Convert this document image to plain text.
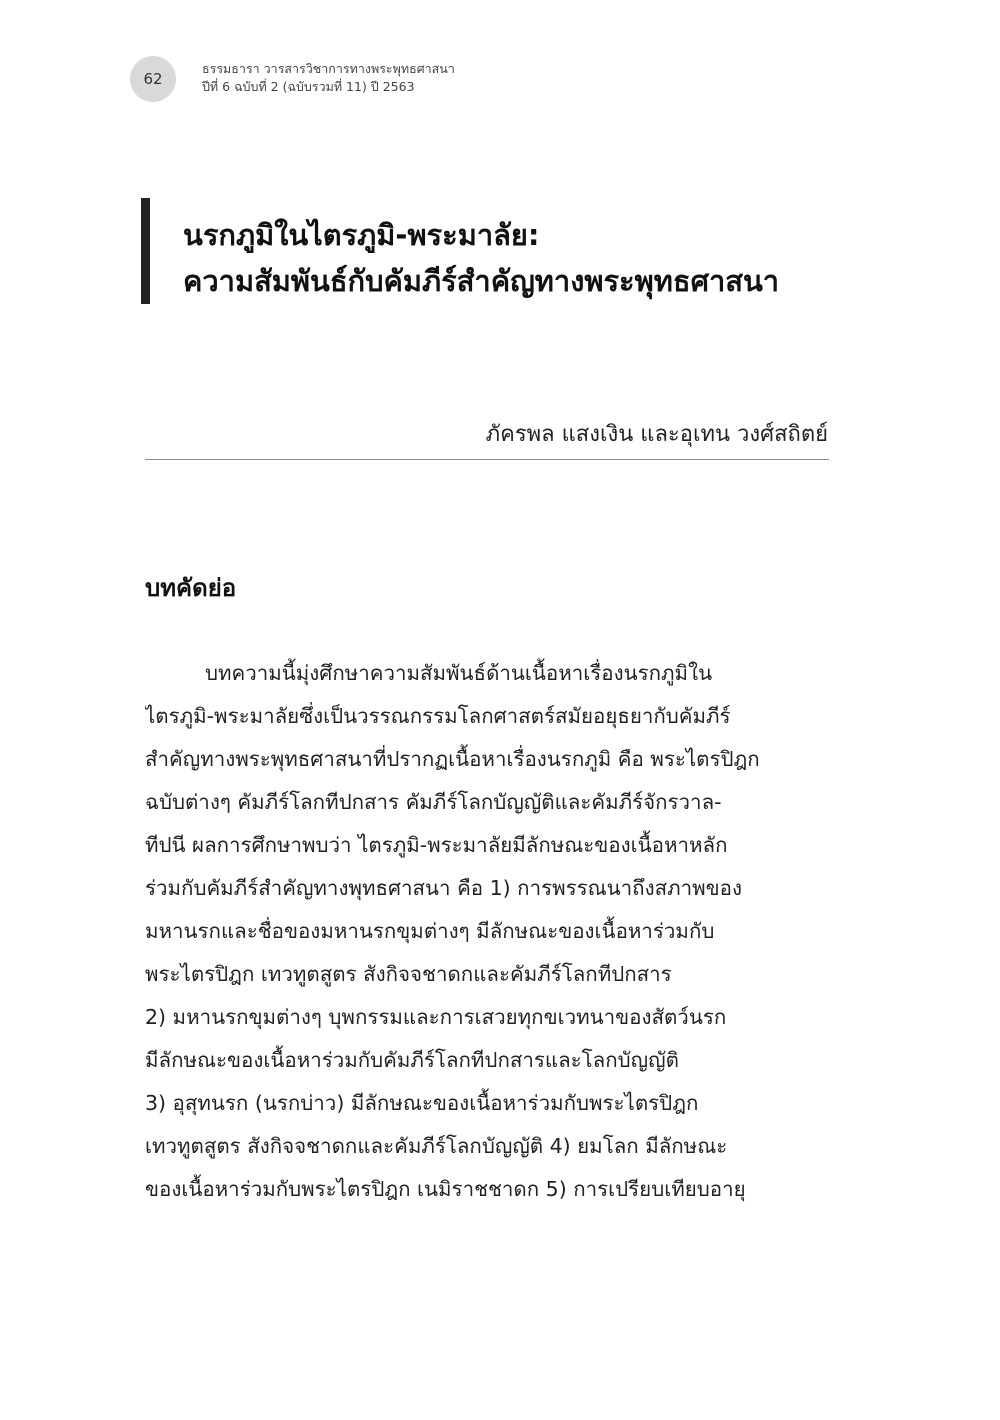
62
ธรรมธารา วารสารวิชาการทางพระพุทธศาสนา
ปีที่ 6 ฉบับที่ 2 (ฉบับรวมที่ 11) ปี 2563
นรกภูมิในไตรภูมิ-พระมาลัย:
ความสัมพันธ์กับคัมภีร์สำคัญทางพระพุทธศาสนา
ภัครพล แสงเงิน และอุเทน วงศ์สถิตย์
บทคัดย่อ
บทความนี้มุ่งศึกษาความสัมพันธ์ด้านเนื้อหาเรื่องนรกภูมิใน
ไตรภูมิ-พระมาลัยซึ่งเป็นวรรณกรรมโลกศาสตร์สมัยอยุธยากับคัมภีร์
สำคัญทางพระพุทธศาสนาที่ปรากฏเนื้อหาเรื่องนรกภูมิ คือ พระไตรปิฎก
ฉบับต่างๆ คัมภีร์โลกทีปกสาร คัมภีร์โลกบัญญัติและคัมภีร์จักรวาล-
ทีปนี ผลการศึกษาพบว่า ไตรภูมิ-พระมาลัยมีลักษณะของเนื้อหาหลัก
ร่วมกับคัมภีร์สำคัญทางพุทธศาสนา คือ 1) การพรรณนาถึงสภาพของ
มหานรกและชื่อของมหานรกขุมต่างๆ มีลักษณะของเนื้อหาร่วมกับ
พระไตรปิฎก เทวทูตสูตร สังกิจจชาดกและคัมภีร์โลกทีปกสาร
2) มหานรกขุมต่างๆ บุพกรรมและการเสวยทุกขเวทนาของสัตว์นรก
มีลักษณะของเนื้อหาร่วมกับคัมภีร์โลกทีปกสารและโลกบัญญัติ
3) อุสุทนรก (นรกบ่าว) มีลักษณะของเนื้อหาร่วมกับพระไตรปิฎก
เทวทูตสูตร สังกิจจชาดกและคัมภีร์โลกบัญญัติ 4) ยมโลก มีลักษณะ
ของเนื้อหาร่วมกับพระไตรปิฎก เนมิราชชาดก 5) การเปรียบเทียบอายุ
